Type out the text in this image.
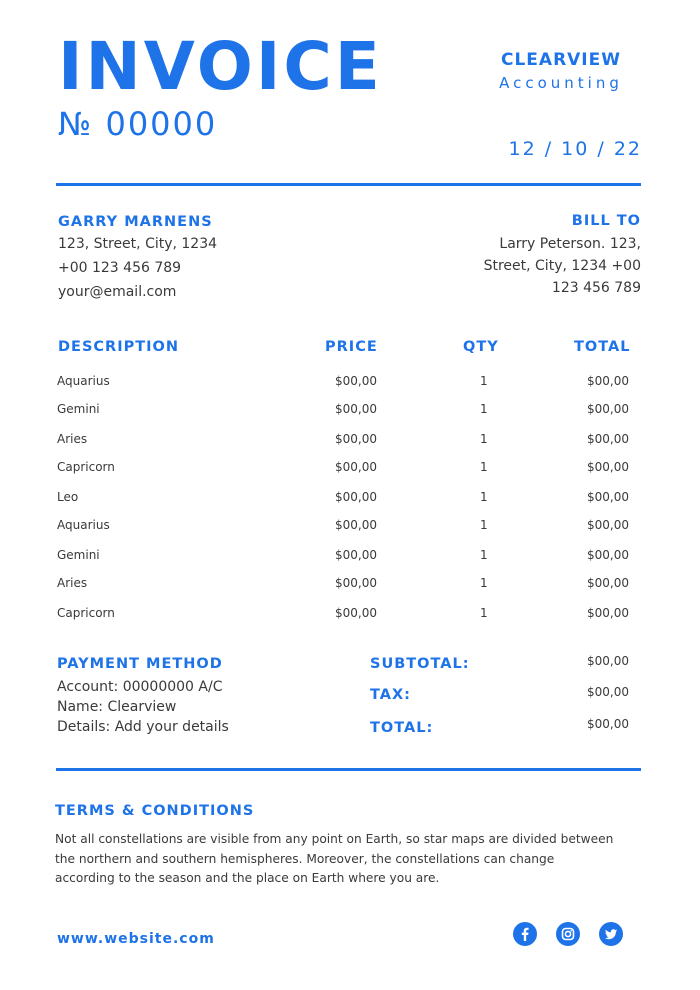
INVOICE
№ 00000
CLEARVIEW
Accounting
12 / 10 / 22
GARRY MARNENS
123, Street, City, 1234
+00 123 456 789
your@email.com
BILL TO
Larry Peterson. 123,
Street, City, 1234 +00
123 456 789
DESCRIPTION	PRICE	QTY	TOTAL
Aquarius	$00,00	1	$00,00
Gemini	$00,00	1	$00,00
Aries	$00,00	1	$00,00
Capricorn	$00,00	1	$00,00
Leo	$00,00	1	$00,00
Aquarius	$00,00	1	$00,00
Gemini	$00,00	1	$00,00
Aries	$00,00	1	$00,00
Capricorn	$00,00	1	$00,00
PAYMENT METHOD
Account: 00000000 A/C
Name: Clearview
Details: Add your details
SUBTOTAL:	$00,00
TAX:	$00,00
TOTAL:	$00,00
TERMS & CONDITIONS
Not all constellations are visible from any point on Earth, so star maps are divided between the northern and southern hemispheres. Moreover, the constellations can change according to the season and the place on Earth where you are.
www.website.com
